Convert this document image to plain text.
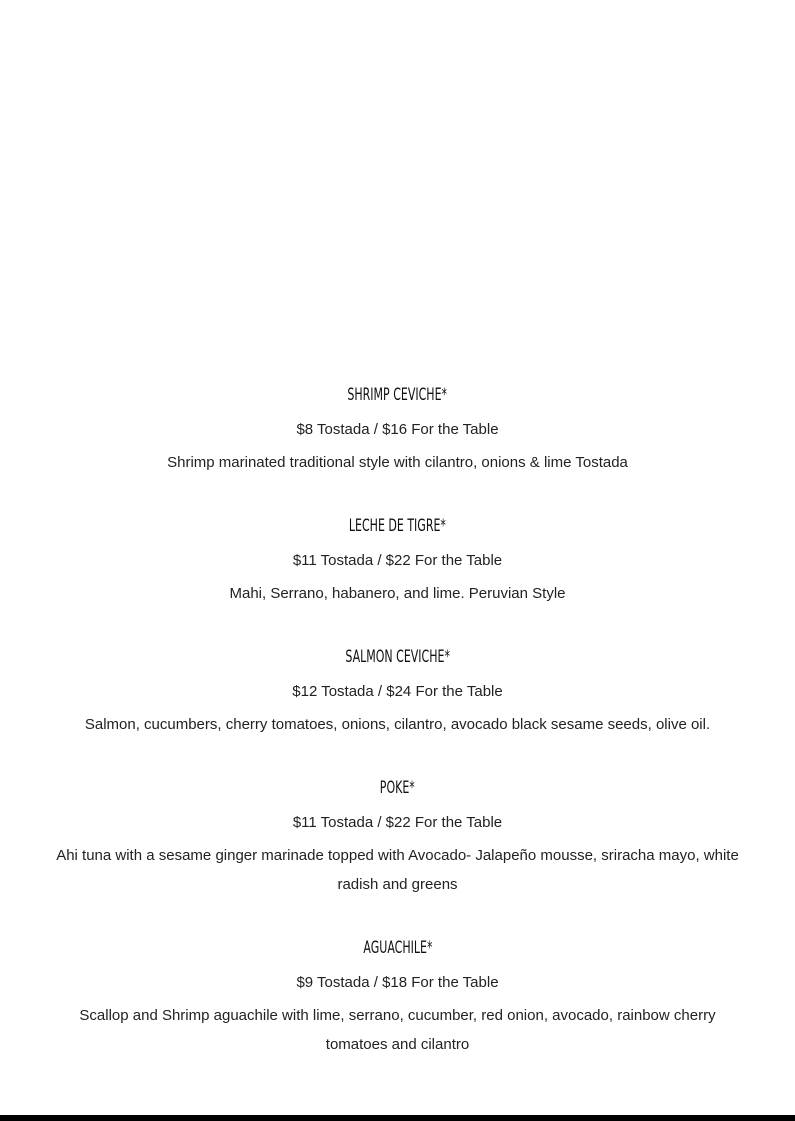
SHRIMP CEVICHE*

$8 Tostada / $16 For the Table

Shrimp marinated traditional style with cilantro, onions & lime Tostada

LECHE DE TIGRE*

$11 Tostada / $22 For the Table

Mahi, Serrano, habanero, and lime. Peruvian Style

SALMON CEVICHE*

$12 Tostada / $24 For the Table

Salmon, cucumbers, cherry tomatoes, onions, cilantro, avocado black sesame seeds, olive oil.

POKE*

$11 Tostada / $22 For the Table

Ahi tuna with a sesame ginger marinade topped with Avocado- Jalapeño mousse, sriracha mayo, white radish and greens

AGUACHILE*

$9 Tostada / $18 For the Table

Scallop and Shrimp aguachile with lime, serrano, cucumber, red onion, avocado, rainbow cherry tomatoes and cilantro
